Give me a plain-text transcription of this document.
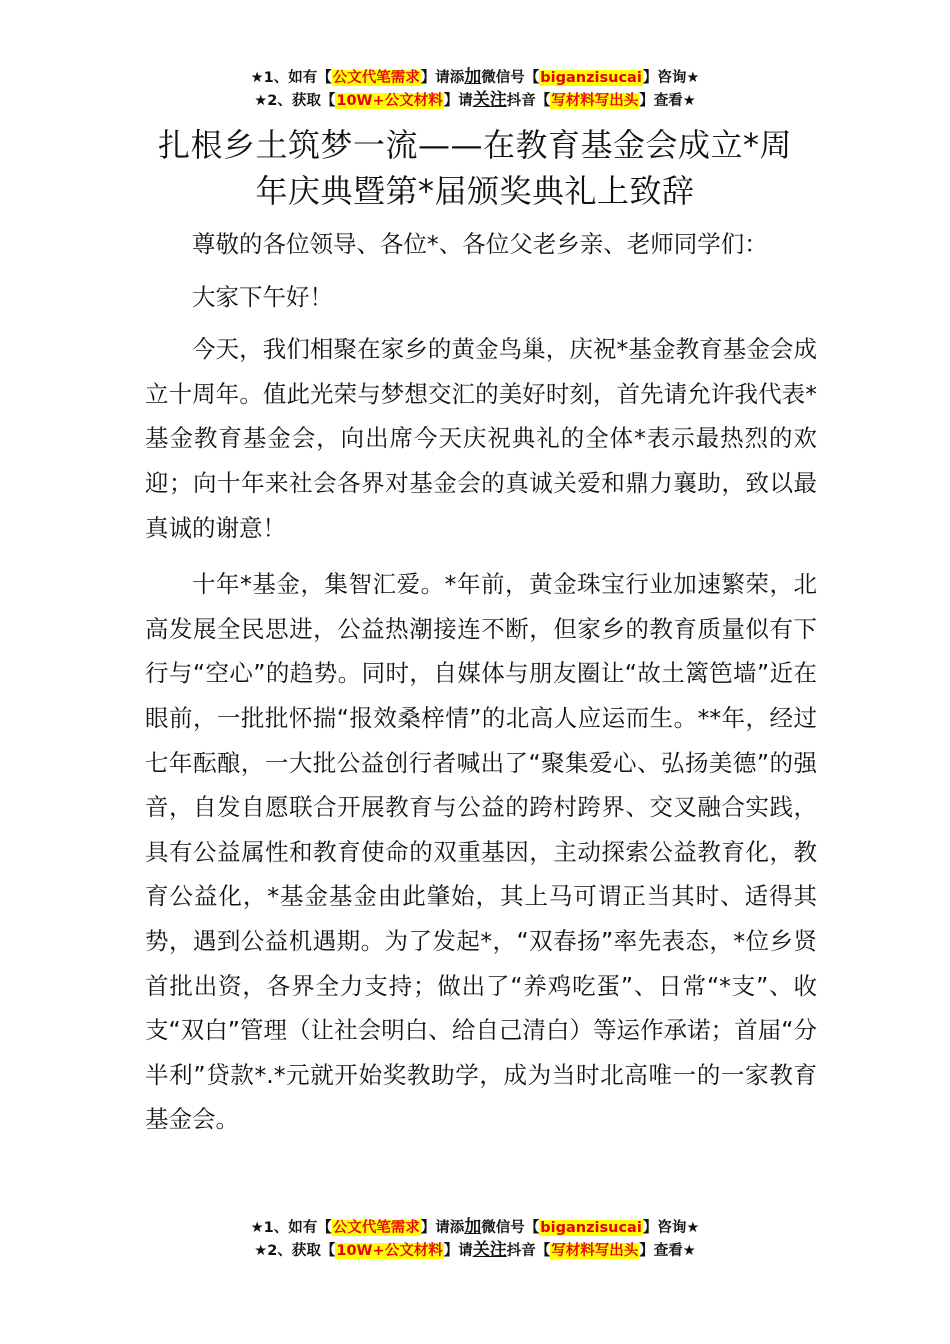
★1、如有【公文代笔需求】请添加微信号【biganzisucai】咨询★
★2、获取【10W+公文材料】请关注抖音【写材料写出头】查看★
扎根乡土筑梦一流——在教育基金会成立*周
年庆典暨第*届颁奖典礼上致辞

尊敬的各位领导、各位*、各位父老乡亲、老师同学们：

大家下午好！

今天，我们相聚在家乡的黄金鸟巢，庆祝*基金教育基金会成立十周年。值此光荣与梦想交汇的美好时刻，首先请允许我代表*基金教育基金会，向出席今天庆祝典礼的全体*表示最热烈的欢迎；向十年来社会各界对基金会的真诚关爱和鼎力襄助，致以最真诚的谢意！

十年*基金，集智汇爱。*年前，黄金珠宝行业加速繁荣，北高发展全民思进，公益热潮接连不断，但家乡的教育质量似有下行与“空心”的趋势。同时，自媒体与朋友圈让“故土篱笆墙”近在眼前，一批批怀揣“报效桑梓情”的北高人应运而生。**年，经过七年酝酿，一大批公益创行者喊出了“聚集爱心、弘扬美德”的强音，自发自愿联合开展教育与公益的跨村跨界、交叉融合实践，具有公益属性和教育使命的双重基因，主动探索公益教育化，教育公益化，*基金基金由此肇始，其上马可谓正当其时、适得其势，遇到公益机遇期。为了发起*，“双春扬”率先表态，*位乡贤首批出资，各界全力支持；做出了“养鸡吃蛋”、日常“*支”、收支“双白”管理（让社会明白、给自己清白）等运作承诺；首届“分半利”贷款*.*元就开始奖教助学，成为当时北高唯一的一家教育基金会。

★1、如有【公文代笔需求】请添加微信号【biganzisucai】咨询★
★2、获取【10W+公文材料】请关注抖音【写材料写出头】查看★
